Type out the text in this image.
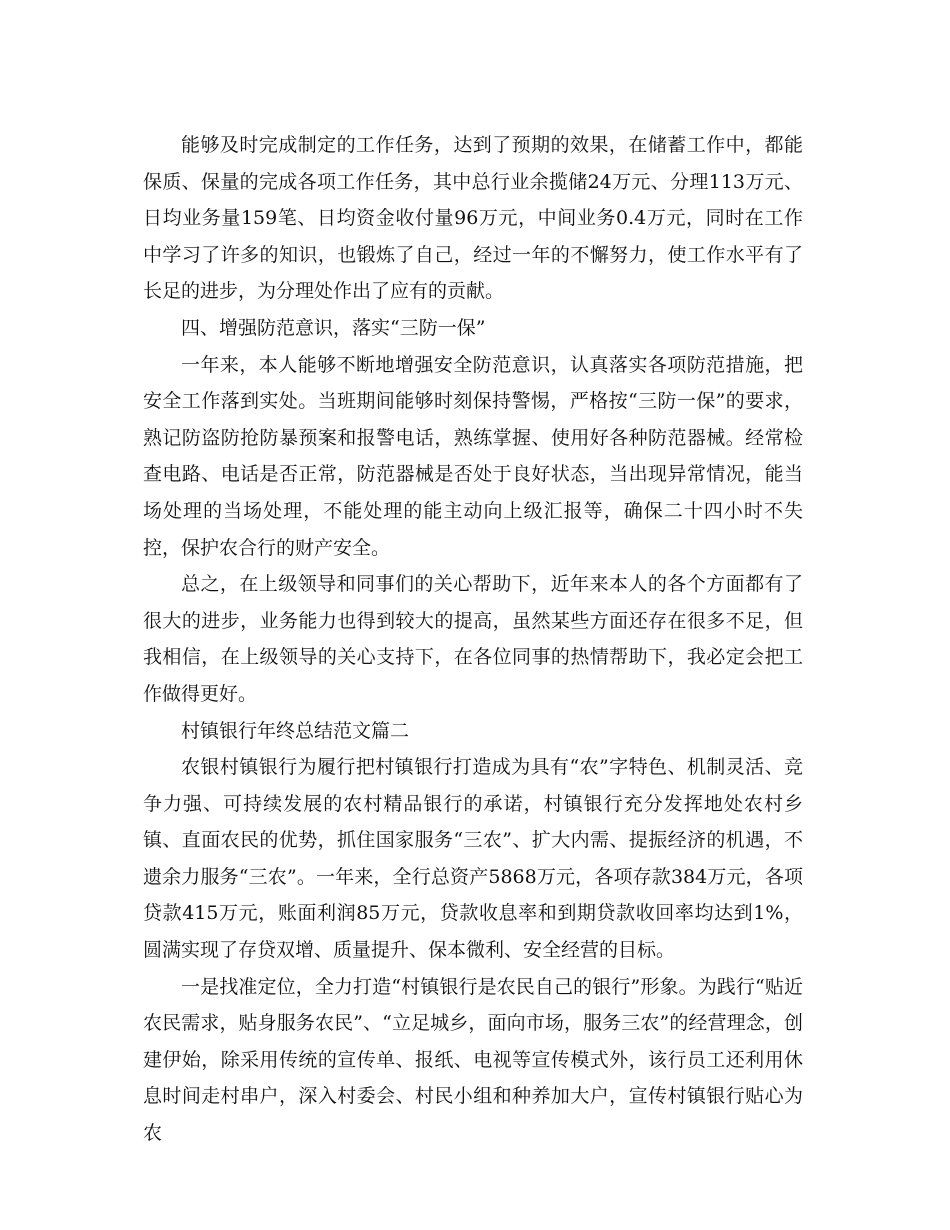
能够及时完成制定的工作任务，达到了预期的效果，在储蓄工作中，都能保质、保量的完成各项工作任务，其中总行业余揽储24万元、分理113万元、日均业务量159笔、日均资金收付量96万元，中间业务0.4万元，同时在工作中学习了许多的知识，也锻炼了自己，经过一年的不懈努力，使工作水平有了长足的进步，为分理处作出了应有的贡献。

四、增强防范意识，落实“三防一保”

一年来，本人能够不断地增强安全防范意识，认真落实各项防范措施，把安全工作落到实处。当班期间能够时刻保持警惕，严格按“三防一保”的要求，熟记防盗防抢防暴预案和报警电话，熟练掌握、使用好各种防范器械。经常检查电路、电话是否正常，防范器械是否处于良好状态，当出现异常情况，能当场处理的当场处理，不能处理的能主动向上级汇报等，确保二十四小时不失控，保护农合行的财产安全。

总之，在上级领导和同事们的关心帮助下，近年来本人的各个方面都有了很大的进步，业务能力也得到较大的提高，虽然某些方面还存在很多不足，但我相信，在上级领导的关心支持下，在各位同事的热情帮助下，我必定会把工作做得更好。

村镇银行年终总结范文篇二

农银村镇银行为履行把村镇银行打造成为具有“农”字特色、机制灵活、竞争力强、可持续发展的农村精品银行的承诺，村镇银行充分发挥地处农村乡镇、直面农民的优势，抓住国家服务“三农”、扩大内需、提振经济的机遇，不遗余力服务“三农”。一年来，全行总资产5868万元，各项存款384万元，各项贷款415万元，账面利润85万元，贷款收息率和到期贷款收回率均达到1%，圆满实现了存贷双增、质量提升、保本微利、安全经营的目标。

一是找准定位，全力打造“村镇银行是农民自己的银行”形象。为践行“贴近农民需求，贴身服务农民”、“立足城乡，面向市场，服务三农”的经营理念，创建伊始，除采用传统的宣传单、报纸、电视等宣传模式外，该行员工还利用休息时间走村串户，深入村委会、村民小组和种养加大户，宣传村镇银行贴心为农
